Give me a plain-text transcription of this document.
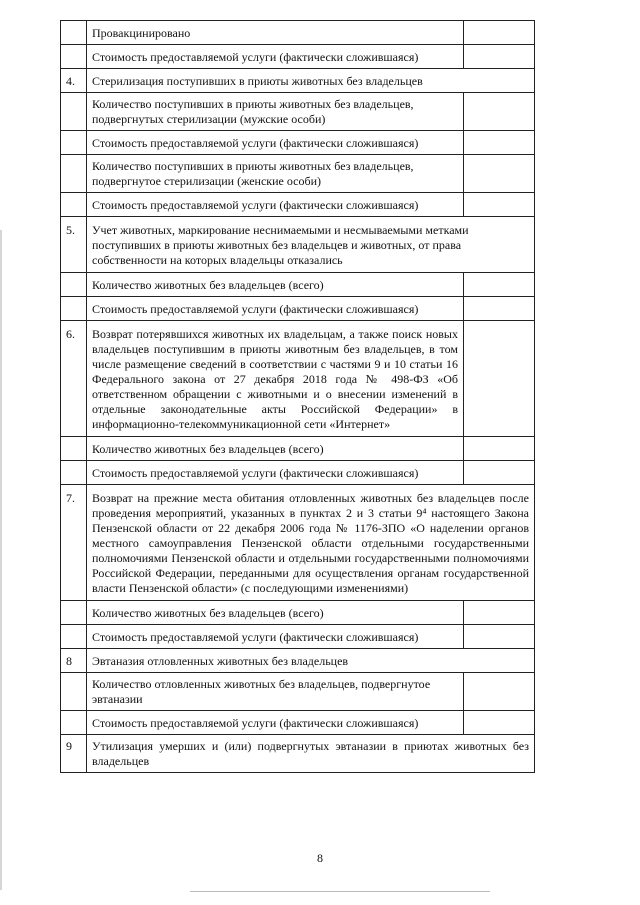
	Провакцинировано	
	Стоимость предоставляемой услуги (фактически сложившаяся)	
4.	Стерилизация поступивших в приюты животных без владельцев	
	Количество поступивших в приюты животных без владельцев, подвергнутых стерилизации (мужские особи)	
	Стоимость предоставляемой услуги (фактически сложившаяся)	
	Количество поступивших в приюты животных без владельцев, подвергнутое стерилизации (женские особи)	
	Стоимость предоставляемой услуги (фактически сложившаяся)	
5.	Учет животных, маркирование неснимаемыми и несмываемыми метками поступивших в приюты животных без владельцев и животных, от права собственности на которых владельцы отказались	
	Количество животных без владельцев (всего)	
	Стоимость предоставляемой услуги (фактически сложившаяся)	
6.	Возврат потерявшихся животных их владельцам, а также поиск новых владельцев поступившим в приюты животным без владельцев, в том числе размещение сведений в соответствии с частями 9 и 10 статьи 16 Федерального закона от 27 декабря 2018 года № 498-ФЗ «Об ответственном обращении с животными и о внесении изменений в отдельные законодательные акты Российской Федерации» в информационно-телекоммуникационной сети «Интернет»	
	Количество животных без владельцев (всего)	
	Стоимость предоставляемой услуги (фактически сложившаяся)	
7.	Возврат на прежние места обитания отловленных животных без владельцев после проведения мероприятий, указанных в пунктах 2 и 3 статьи 9⁴ настоящего Закона Пензенской области от 22 декабря 2006 года № 1176-ЗПО «О наделении органов местного самоуправления Пензенской области отдельными государственными полномочиями Пензенской области и отдельными государственными полномочиями Российской Федерации, переданными для осуществления органам государственной власти Пензенской области» (с последующими изменениями)	
	Количество животных без владельцев (всего)	
	Стоимость предоставляемой услуги (фактически сложившаяся)	
8	Эвтаназия отловленных животных без владельцев	
	Количество отловленных животных без владельцев, подвергнутое эвтаназии	
	Стоимость предоставляемой услуги (фактически сложившаяся)	
9	Утилизация умерших и (или) подвергнутых эвтаназии в приютах животных без владельцев	
8
